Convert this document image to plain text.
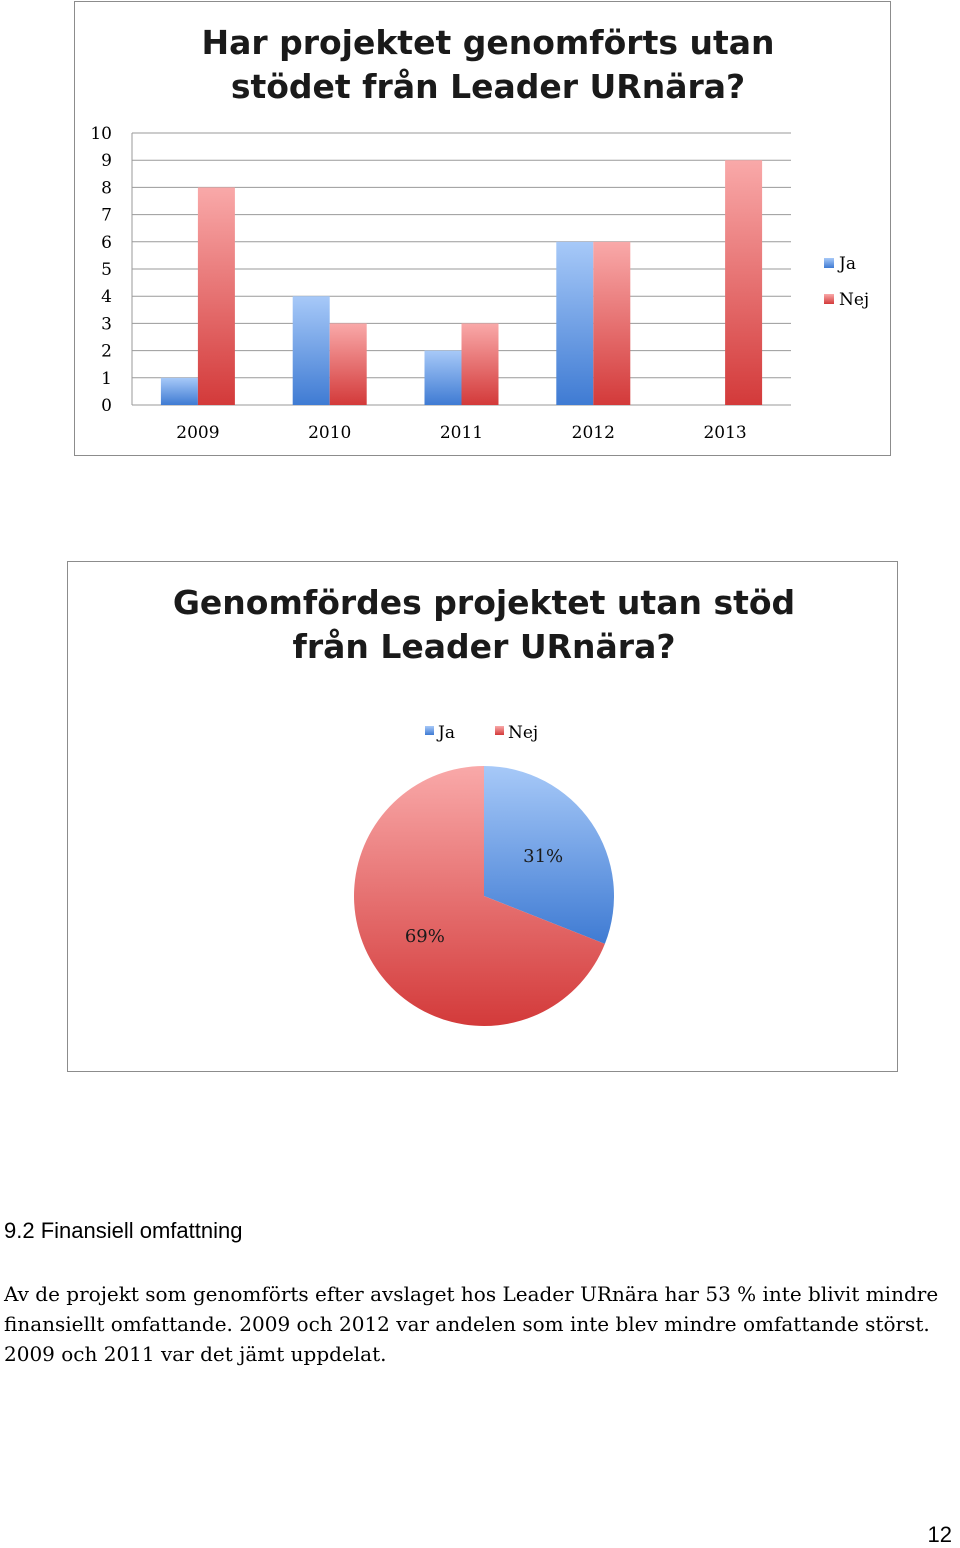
Har projektet genomförts utan
stödet från Leader URnära?
2009	2010	2011	2012	2013
0
1
2
3
4
5
6
7
8
9
10
Ja
Nej
Genomfördes projektet utan stöd
från Leader URnära?
Ja	Nej
31%
69%
9.2 Finansiell omfattning

Av de projekt som genomförts efter avslaget hos Leader URnära har 53 % inte blivit mindre finansiellt omfattande. 2009 och 2012 var andelen som inte blev mindre omfattande störst. 2009 och 2011 var det jämt uppdelat.

12
